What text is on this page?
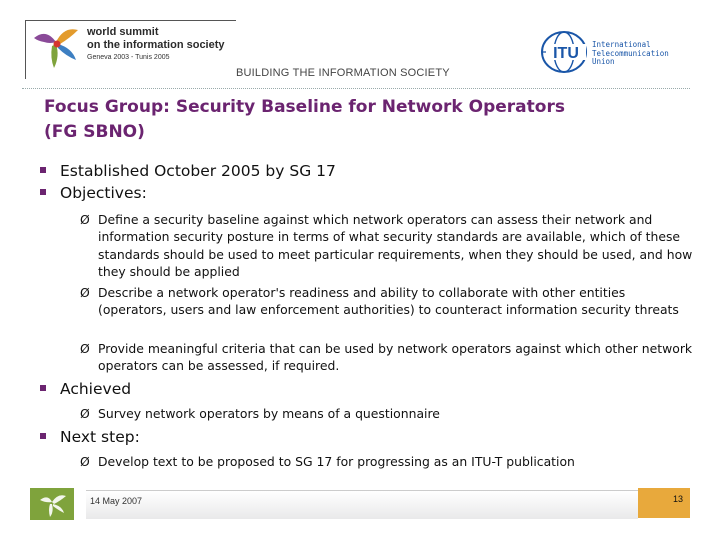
world summit
on the information society
Geneva 2003 - Tunis 2005
BUILDING THE INFORMATION SOCIETY
ITU
International
Telecommunication
Union
Focus Group: Security Baseline for Network Operators
(FG SBNO)
Established October 2005 by SG 17
Objectives:
Ø Define a security baseline against which network operators can assess their network and information security posture in terms of what security standards are available, which of these standards should be used to meet particular requirements, when they should be used, and how they should be applied
Ø Describe a network operator's readiness and ability to collaborate with other entities (operators, users and law enforcement authorities) to counteract information security threats
Ø Provide meaningful criteria that can be used by network operators against which other network operators can be assessed, if required.
Achieved
Ø Survey network operators by means of a questionnaire
Next step:
Ø Develop text to be proposed to SG 17 for progressing as an ITU-T publication
14 May 2007	13
